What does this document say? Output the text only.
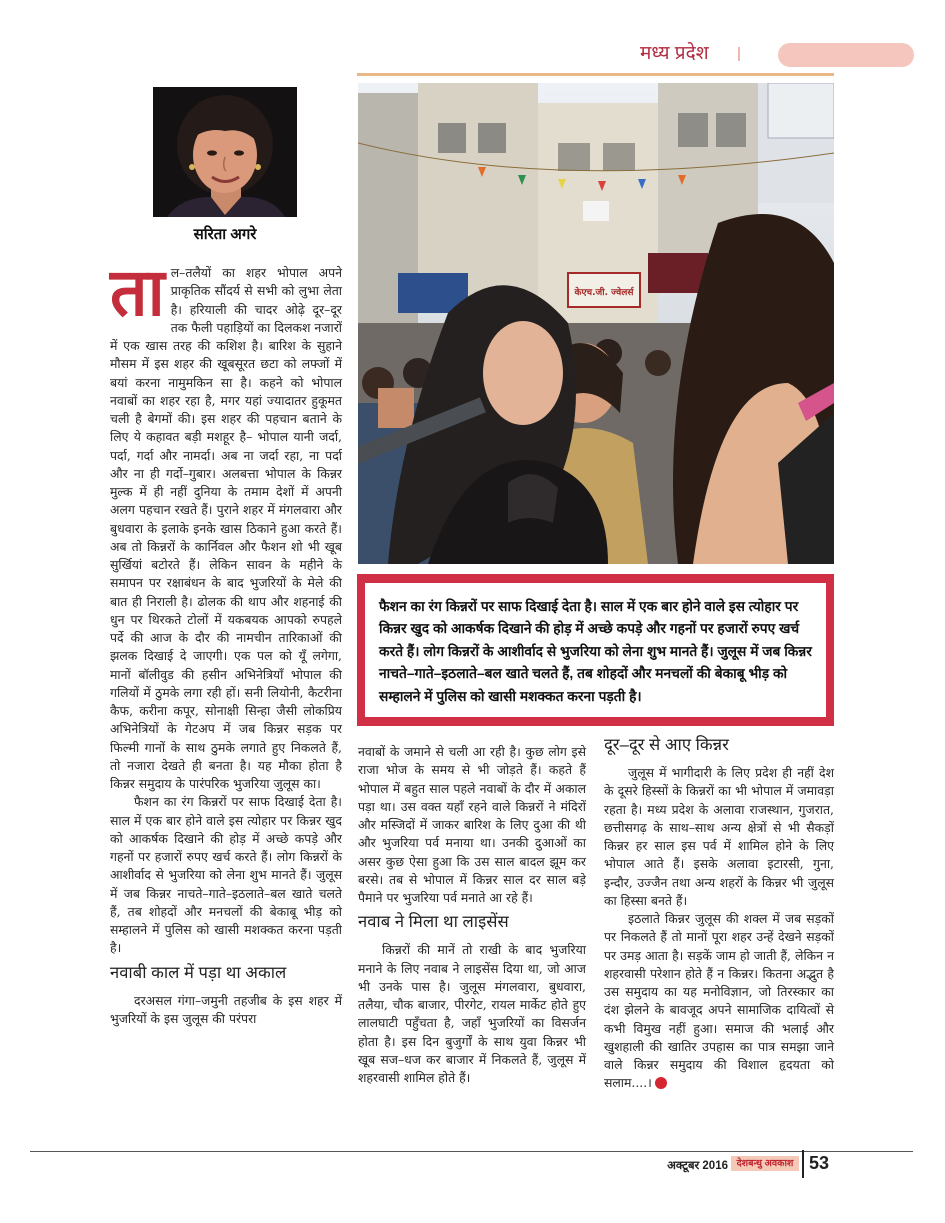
मध्य प्रदेश
सरिता अगरे
केएच.जी. ज्वेलर्स
फैशन का रंग किन्नरों पर साफ दिखाई देता है। साल में एक बार होने वाले इस त्योहार पर किन्नर खुद को आकर्षक दिखाने की होड़ में अच्छे कपड़े और गहनों पर हजारों रुपए खर्च करते हैं। लोग किन्नरों के आशीर्वाद से भुजरिया को लेना शुभ मानते हैं। जुलूस में जब किन्नर नाचते–गाते–इठलाते–बल खाते चलते हैं, तब शोहदों और मनचलों की बेकाबू भीड़ को सम्हालने में पुलिस को खासी मशक्कत करना पड़ती है।
ता ल–तलैयों का शहर भोपाल अपने प्राकृतिक सौंदर्य से सभी को लुभा लेता है। हरियाली की चादर ओढ़े दूर–दूर तक फैली पहाड़ियों का दिलकश नजारों में एक खास तरह की कशिश है। बारिश के सुहाने मौसम में इस शहर की खूबसूरत छटा को लफ्जों में बयां करना नामुमकिन सा है। कहने को भोपाल नवाबों का शहर रहा है, मगर यहां ज्यादातर हुकूमत चली है बेगमों की। इस शहर की पहचान बताने के लिए ये कहावत बड़ी मशहूर है– भोपाल यानी जर्दा, पर्दा, गर्दा और नामर्दा। अब ना जर्दा रहा, ना पर्दा और ना ही गर्दो–गुबार। अलबत्ता भोपाल के किन्नर मुल्क में ही नहीं दुनिया के तमाम देशों में अपनी अलग पहचान रखते हैं। पुराने शहर में मंगलवारा और बुधवारा के इलाके इनके खास ठिकाने हुआ करते हैं। अब तो किन्नरों के कार्निवल और फैशन शो भी खूब सुर्खियां बटोरते हैं। लेकिन सावन के महीने के समापन पर रक्षाबंधन के बाद भुजरियों के मेले की बात ही निराली है। ढोलक की थाप और शहनाई की धुन पर थिरकते टोलों में यकबयक आपको रुपहले पर्दे की आज के दौर की नामचीन तारिकाओं की झलक दिखाई दे जाएगी। एक पल को यूँ लगेगा, मानों बॉलीवुड की हसीन अभिनेत्रियाँ भोपाल की गलियों में ठुमके लगा रही हों। सनी लियोनी, कैटरीना कैफ, करीना कपूर, सोनाक्षी सिन्हा जैसी लोकप्रिय अभिनेत्रियों के गेटअप में जब किन्नर सड़क पर फिल्मी गानों के साथ ठुमके लगाते हुए निकलते हैं, तो नजारा देखते ही बनता है। यह मौका होता है किन्नर समुदाय के पारंपरिक भुजरिया जुलूस का।

फैशन का रंग किन्नरों पर साफ दिखाई देता है। साल में एक बार होने वाले इस त्योहार पर किन्नर खुद को आकर्षक दिखाने की होड़ में अच्छे कपड़े और गहनों पर हजारों रुपए खर्च करते हैं। लोग किन्नरों के आशीर्वाद से भुजरिया को लेना शुभ मानते हैं। जुलूस में जब किन्नर नाचते–गाते–इठलाते–बल खाते चलते हैं, तब शोहदों और मनचलों की बेकाबू भीड़ को सम्हालने में पुलिस को खासी मशक्कत करना पड़ती है।

नवाबी काल में पड़ा था अकाल

दरअसल गंगा–जमुनी तहजीब के इस शहर में भुजरियों के इस जुलूस की परंपरा

नवाबों के जमाने से चली आ रही है। कुछ लोग इसे राजा भोज के समय से भी जोड़ते हैं। कहते हैं भोपाल में बहुत साल पहले नवाबों के दौर में अकाल पड़ा था। उस वक्त यहाँ रहने वाले किन्नरों ने मंदिरों और मस्जिदों में जाकर बारिश के लिए दुआ की थी और भुजरिया पर्व मनाया था। उनकी दुआओं का असर कुछ ऐसा हुआ कि उस साल बादल झूम कर बरसे। तब से भोपाल में किन्नर साल दर साल बड़े पैमाने पर भुजरिया पर्व मनाते आ रहे हैं।

नवाब ने मिला था लाइसेंस

किन्नरों की मानें तो राखी के बाद भुजरिया मनाने के लिए नवाब ने लाइसेंस दिया था, जो आज भी उनके पास है। जुलूस मंगलवारा, बुधवारा, तलैया, चौक बाजार, पीरगेट, रायल मार्केट होते हुए लालघाटी पहुँचता है, जहाँ भुजरियों का विसर्जन होता है। इस दिन बुजुर्गों के साथ युवा किन्नर भी खूब सज–धज कर बाजार में निकलते हैं, जुलूस में शहरवासी शामिल होते हैं।

दूर–दूर से आए किन्नर

जुलूस में भागीदारी के लिए प्रदेश ही नहीं देश के दूसरे हिस्सों के किन्नरों का भी भोपाल में जमावड़ा रहता है। मध्य प्रदेश के अलावा राजस्थान, गुजरात, छत्तीसगढ़ के साथ–साथ अन्य क्षेत्रों से भी सैकड़ों किन्नर हर साल इस पर्व में शामिल होने के लिए भोपाल आते हैं। इसके अलावा इटारसी, गुना, इन्दौर, उज्जैन तथा अन्य शहरों के किन्नर भी जुलूस का हिस्सा बनते हैं।

इठलाते किन्नर जुलूस की शक्ल में जब सड़कों पर निकलते हैं तो मानों पूरा शहर उन्हें देखने सड़कों पर उमड़ आता है। सड़कें जाम हो जाती हैं, लेकिन न शहरवासी परेशान होते हैं न किन्नर। कितना अद्भुत है उस समुदाय का यह मनोविज्ञान, जो तिरस्कार का दंश झेलने के बावजूद अपने सामाजिक दायित्वों से कभी विमुख नहीं हुआ। समाज की भलाई और खुशहाली की खातिर उपहास का पात्र समझा जाने वाले किन्नर समुदाय की विशाल हृदयता को सलाम....।

अक्टूबर 2016 देशबन्धु अवकाश 53
